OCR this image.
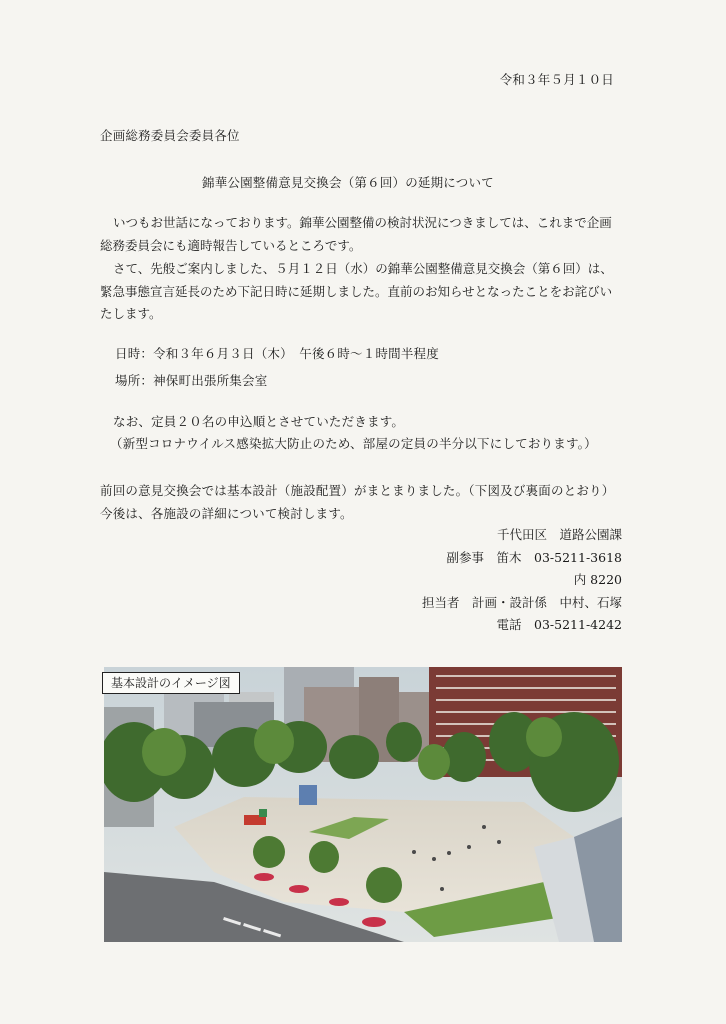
令和３年５月１０日
企画総務委員会委員各位
錦華公園整備意見交換会（第６回）の延期について
いつもお世話になっております。錦華公園整備の検討状況につきましては、これまで企画総務委員会にも適時報告しているところです。
さて、先般ご案内しました、５月１２日（水）の錦華公園整備意見交換会（第６回）は、緊急事態宣言延長のため下記日時に延期しました。直前のお知らせとなったことをお詫びいたします。
日時：令和３年６月３日（木）　午後６時〜１時間半程度
場所：神保町出張所集会室
なお、定員２０名の申込順とさせていただきます。
（新型コロナウイルス感染拡大防止のため、部屋の定員の半分以下にしております。）
前回の意見交換会では基本設計（施設配置）がまとまりました。（下図及び裏面のとおり）
今後は、各施設の詳細について検討します。
千代田区　道路公園課
副参事　笛木　03-5211-3618
内 8220
担当者　計画・設計係　中村、石塚
電話　03-5211-4242
基本設計のイメージ図
